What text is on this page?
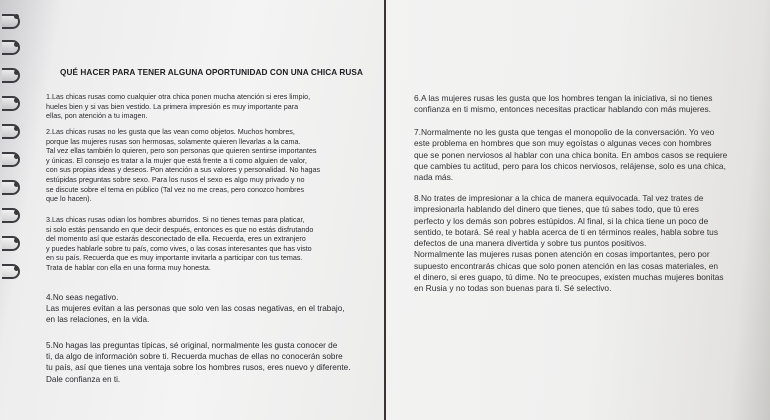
QUÉ HACER PARA TENER ALGUNA OPORTUNIDAD CON UNA CHICA RUSA

1.Las chicas rusas como cualquier otra chica ponen mucha atención si eres limpio,
hueles bien y si vas bien vestido. La primera impresión es muy importante para
ellas, pon atención a tu imagen.

2.Las chicas rusas no les gusta que las vean como objetos. Muchos hombres,
porque las mujeres rusas son hermosas, solamente quieren llevarlas a la cama.
Tal vez ellas también lo quieren, pero son personas que quieren sentirse importantes
y únicas. El consejo es tratar a la mujer que está frente a ti como alguien de valor,
con sus propias ideas y deseos. Pon atención a sus valores y personalidad. No hagas
estúpidas preguntas sobre sexo. Para los rusos el sexo es algo muy privado y no
se discute sobre el tema en público (Tal vez no me creas, pero conozco hombres
que lo hacen).

3.Las chicas rusas odian los hombres aburridos. Si no tienes temas para platicar,
si solo estás pensando en que decir después, entonces es que no estás disfrutando
del momento así que estarás desconectado de ella. Recuerda, eres un extranjero
y puedes hablarle sobre tu país, como vives, o las cosas interesantes que has visto
en su país. Recuerda que es muy importante invitarla a participar con tus temas.
Trata de hablar con ella en una forma muy honesta.

4.No seas negativo.
Las mujeres evitan a las personas que solo ven las cosas negativas, en el trabajo,
en las relaciones, en la vida.

5.No hagas las preguntas típicas, sé original, normalmente les gusta conocer de
ti, da algo de información sobre ti. Recuerda muchas de ellas no conocerán sobre
tu país, así que tienes una ventaja sobre los hombres rusos, eres nuevo y diferente.
Dale confianza en ti.

6.A las mujeres rusas les gusta que los hombres tengan la iniciativa, si no tienes
confianza en ti mismo, entonces necesitas practicar hablando con más mujeres.

7.Normalmente no les gusta que tengas el monopolio de la conversación. Yo veo
este problema en hombres que son muy egoístas o algunas veces con hombres
que se ponen nerviosos al hablar con una chica bonita. En ambos casos se requiere
que cambies tu actitud, pero para los chicos nerviosos, relájense, solo es una chica,
nada más.

8.No trates de impresionar a la chica de manera equivocada. Tal vez trates de
impresionarla hablando del dinero que tienes, que tú sabes todo, que tú eres
perfecto y los demás son pobres estúpidos. Al final, si la chica tiene un poco de
sentido, te botará. Sé real y habla acerca de ti en términos reales, habla sobre tus
defectos de una manera divertida y sobre tus puntos positivos.
Normalmente las mujeres rusas ponen atención en cosas importantes, pero por
supuesto encontrarás chicas que solo ponen atención en las cosas materiales, en
el dinero, si eres guapo, tú dime. No te preocupes, existen muchas mujeres bonitas
en Rusia y no todas son buenas para ti. Sé selectivo.
